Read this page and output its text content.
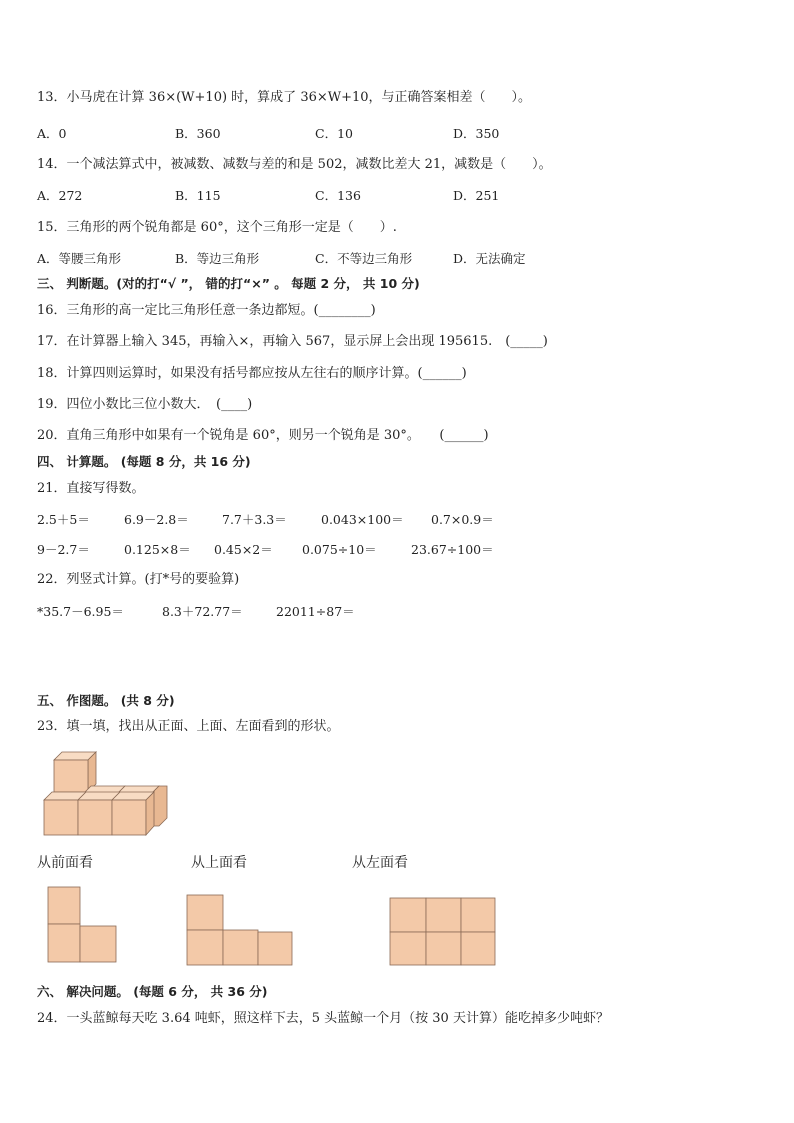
13．小马虎在计算 36×(W+10) 时，算成了 36×W+10，与正确答案相差（　　）。
A．0	B．360	C．10	D．350
14．一个减法算式中，被减数、减数与差的和是 502，减数比差大 21，减数是（　　）。
A．272	B．115	C．136	D．251
15．三角形的两个锐角都是 60°，这个三角形一定是（　　）.
A．等腰三角形	B．等边三角形	C．不等边三角形	D．无法确定
三、 判断题。(对的打“√ ”， 错的打“×” 。 每题 2 分， 共 10 分)
16．三角形的高一定比三角形任意一条边都短。(________)
17．在计算器上输入 345，再输入×，再输入 567，显示屏上会出现 195615.　(_____)
18．计算四则运算时，如果没有括号都应按从左往右的顺序计算。(______)
19．四位小数比三位小数大．　(____)
20．直角三角形中如果有一个锐角是 60°，则另一个锐角是 30°。　　(______)
四、 计算题。 (每题 8 分，共 16 分)
21．直接写得数。
2.5＋5＝	6.9－2.8＝	7.7＋3.3＝	0.043×100＝ 0.7×0.9＝
9－2.7＝	0.125×8＝ 0.45×2＝ 0.075÷10＝	23.67÷100＝
22．列竖式计算。(打*号的要验算)
*35.7－6.95＝	8.3＋72.77＝	22011÷87＝
五、 作图题。 (共 8 分)
23．填一填，找出从正面、上面、左面看到的形状。
从前面看	从上面看	从左面看
六、 解决问题。 (每题 6 分， 共 36 分)
24．一头蓝鲸每天吃 3.64 吨虾，照这样下去，5 头蓝鲸一个月（按 30 天计算）能吃掉多少吨虾？
